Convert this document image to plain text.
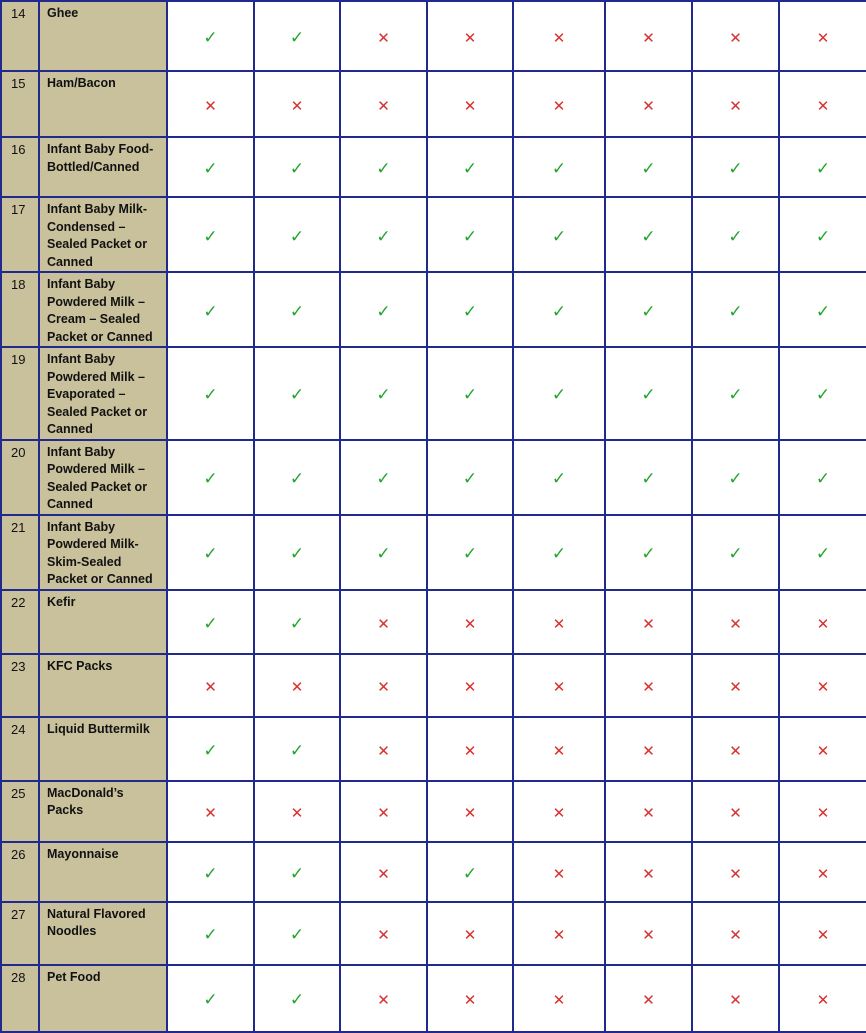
14	Ghee	✓	✓	✕	✕	✕	✕	✕	✕
15	Ham/Bacon	✕	✕	✕	✕	✕	✕	✕	✕
16	Infant Baby Food-Bottled/Canned	✓	✓	✓	✓	✓	✓	✓	✓
17	Infant Baby Milk-Condensed – Sealed Packet or Canned	✓	✓	✓	✓	✓	✓	✓	✓
18	Infant Baby Powdered Milk – Cream – Sealed Packet or Canned	✓	✓	✓	✓	✓	✓	✓	✓
19	Infant Baby Powdered Milk – Evaporated – Sealed Packet or Canned	✓	✓	✓	✓	✓	✓	✓	✓
20	Infant Baby Powdered Milk – Sealed Packet or Canned	✓	✓	✓	✓	✓	✓	✓	✓
21	Infant Baby Powdered Milk-Skim-Sealed Packet or Canned	✓	✓	✓	✓	✓	✓	✓	✓
22	Kefir	✓	✓	✕	✕	✕	✕	✕	✕
23	KFC Packs	✕	✕	✕	✕	✕	✕	✕	✕
24	Liquid Buttermilk	✓	✓	✕	✕	✕	✕	✕	✕
25	MacDonald’s Packs	✕	✕	✕	✕	✕	✕	✕	✕
26	Mayonnaise	✓	✓	✕	✓	✕	✕	✕	✕
27	Natural Flavored Noodles	✓	✓	✕	✕	✕	✕	✕	✕
28	Pet Food	✓	✓	✕	✕	✕	✕	✕	✕
